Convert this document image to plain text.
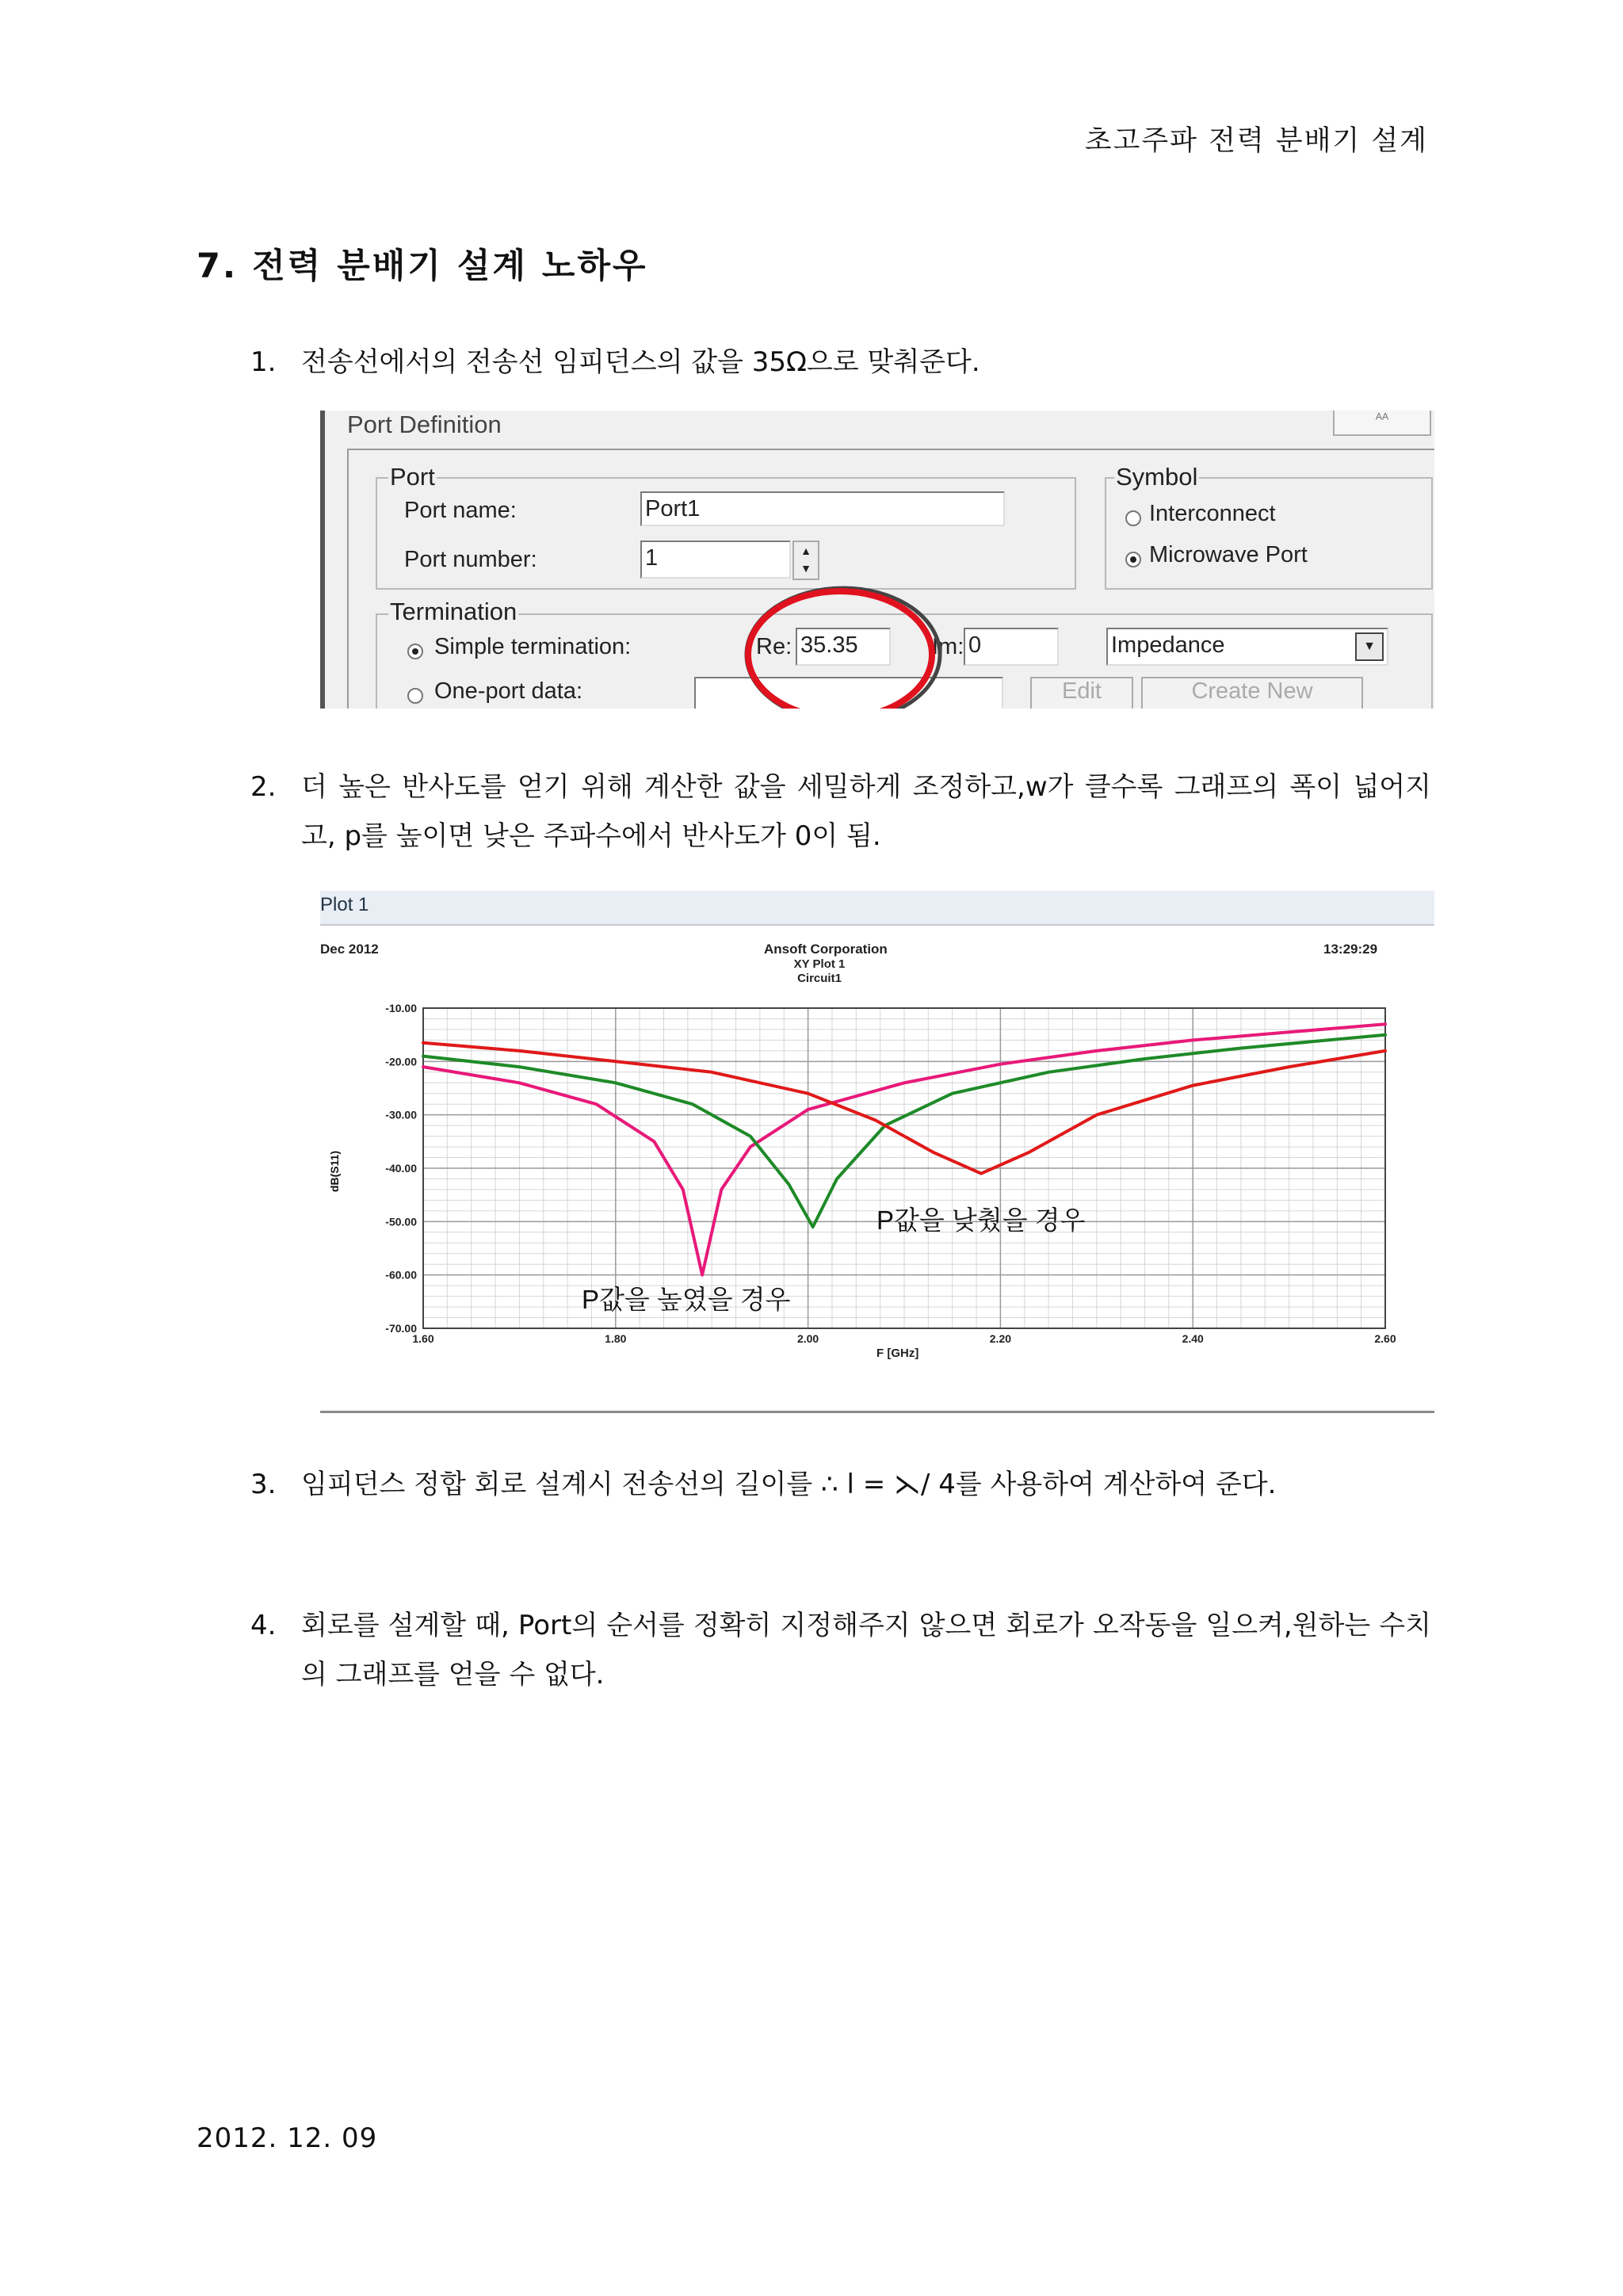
초고주파 전력 분배기 설계
7. 전력 분배기 설계 노하우
1. 전송선에서의 전송선 임피던스의 값을 35Ω으로 맞춰준다.
Port Definition	ᴬᴬ
Port
Port name:	Port1
Port number:	1	▲
▼
Symbol
Interconnect
Microwave Port
Termination
Simple termination:	Re: 35.35	Im: 0	Impedance	▼
One-port data:	Edit	Create New
2. 더 높은 반사도를 얻기 위해 계산한 값을 세밀하게 조정하고,w가 클수록 그래프의 폭이 넓어지고, p를 높이면 낮은 주파수에서 반사도가 0이 됨.
Plot 1
Dec 2012	Ansoft Corporation
XY Plot 1
Circuit1
13:29:29
1.60	1.80	2.00	2.20	2.40	2.60
-10.00
-20.00
-30.00
-40.00
-50.00
-60.00
-70.00
dB(S11)
F [GHz]
P값을 낮췄을 경우
P값을 높였을 경우
3. 임피던스 정합 회로 설계시 전송선의 길이를 ∴ l = ⋋/ 4를 사용하여 계산하여 준다.
4. 회로를 설계할 때, Port의 순서를 정확히 지정해주지 않으면 회로가 오작동을 일으켜,원하는 수치의 그래프를 얻을 수 없다.
2012. 12. 09
